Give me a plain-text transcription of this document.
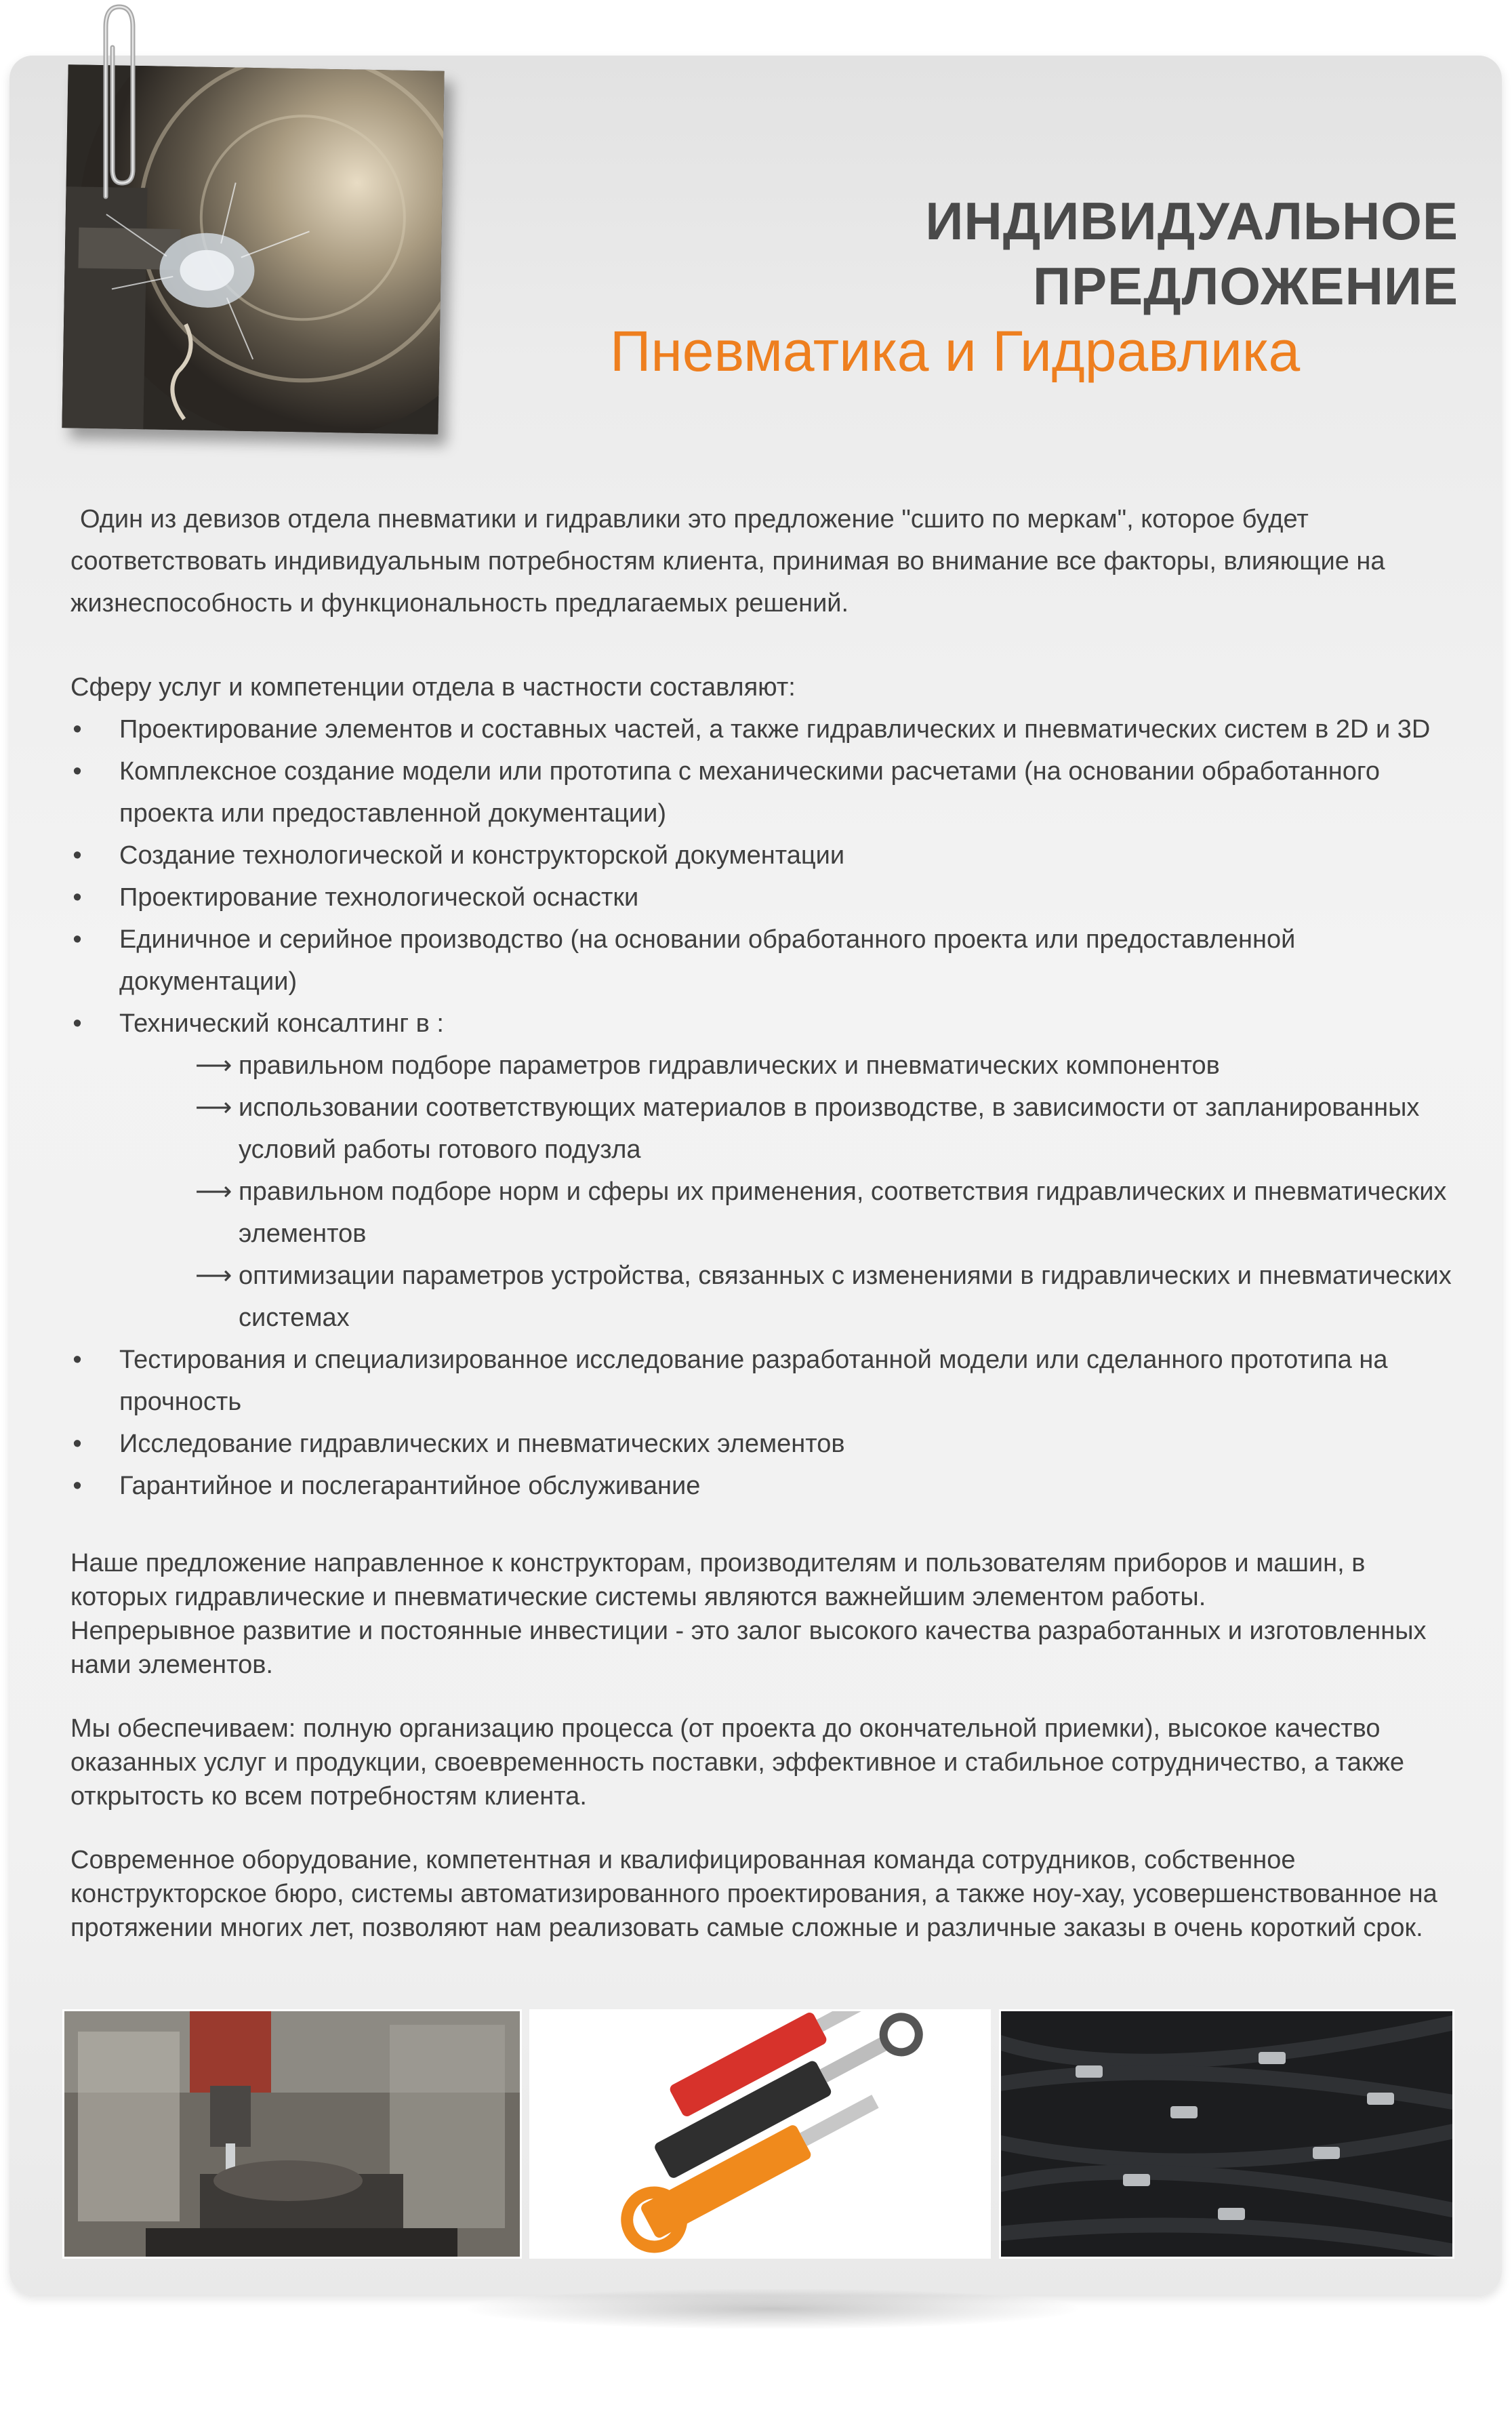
ИНДИВИДУАЛЬНОЕ ПРЕДЛОЖЕНИЕ
Пневматика и Гидравлика

Один из девизов отдела пневматики и гидравлики это предложение "сшито по меркам", которое будет соответствовать индивидуальным потребностям клиента, принимая во внимание все факторы, влияющие на жизнеспособность и функциональность предлагаемых решений.

Сферу услуг и компетенции отдела в частности составляют:

• Проектирование элементов и составных частей, а также гидравлических и пневматических систем в 2D и 3D
• Комплексное создание модели или прототипа с механическими расчетами (на основании обработанного проекта или предоставленной документации)
• Создание технологической и конструкторской документации
• Проектирование технологической оснастки
• Единичное и серийное производство (на основании обработанного проекта или предоставленной документации)
• Технический консалтинг в :
⟶ правильном подборе параметров гидравлических и пневматических компонентов
⟶ использовании соответствующих материалов в производстве, в зависимости от запланированных условий работы готового подузла
⟶ правильном подборе норм и сферы их применения, соответствия гидравлических и пневматических элементов
⟶ оптимизации параметров устройства, связанных с изменениями в гидравлических и пневматических системах
• Тестирования и специализированное исследование разработанной модели или сделанного прототипа на прочность
• Исследование гидравлических и пневматических элементов
• Гарантийное и послегарантийное обслуживание

Наше предложение направленное к конструкторам, производителям и пользователям приборов и машин, в которых гидравлические и пневматические системы являются важнейшим элементом работы.

Непрерывное развитие и постоянные инвестиции - это залог высокого качества разработанных и изготовленных нами элементов.

Мы обеспечиваем: полную организацию процесса (от проекта до окончательной приемки), высокое качество оказанных услуг и продукции, своевременность поставки, эффективное и стабильное сотрудничество, а также открытость ко всем потребностям клиента.

Современное оборудование, компетентная и квалифицированная команда сотрудников, собственное конструкторское бюро, системы автоматизированного проектирования, а также ноу-хау, усовершенствованное на протяжении многих лет, позволяют нам реализовать самые сложные и различные заказы в очень короткий срок.
